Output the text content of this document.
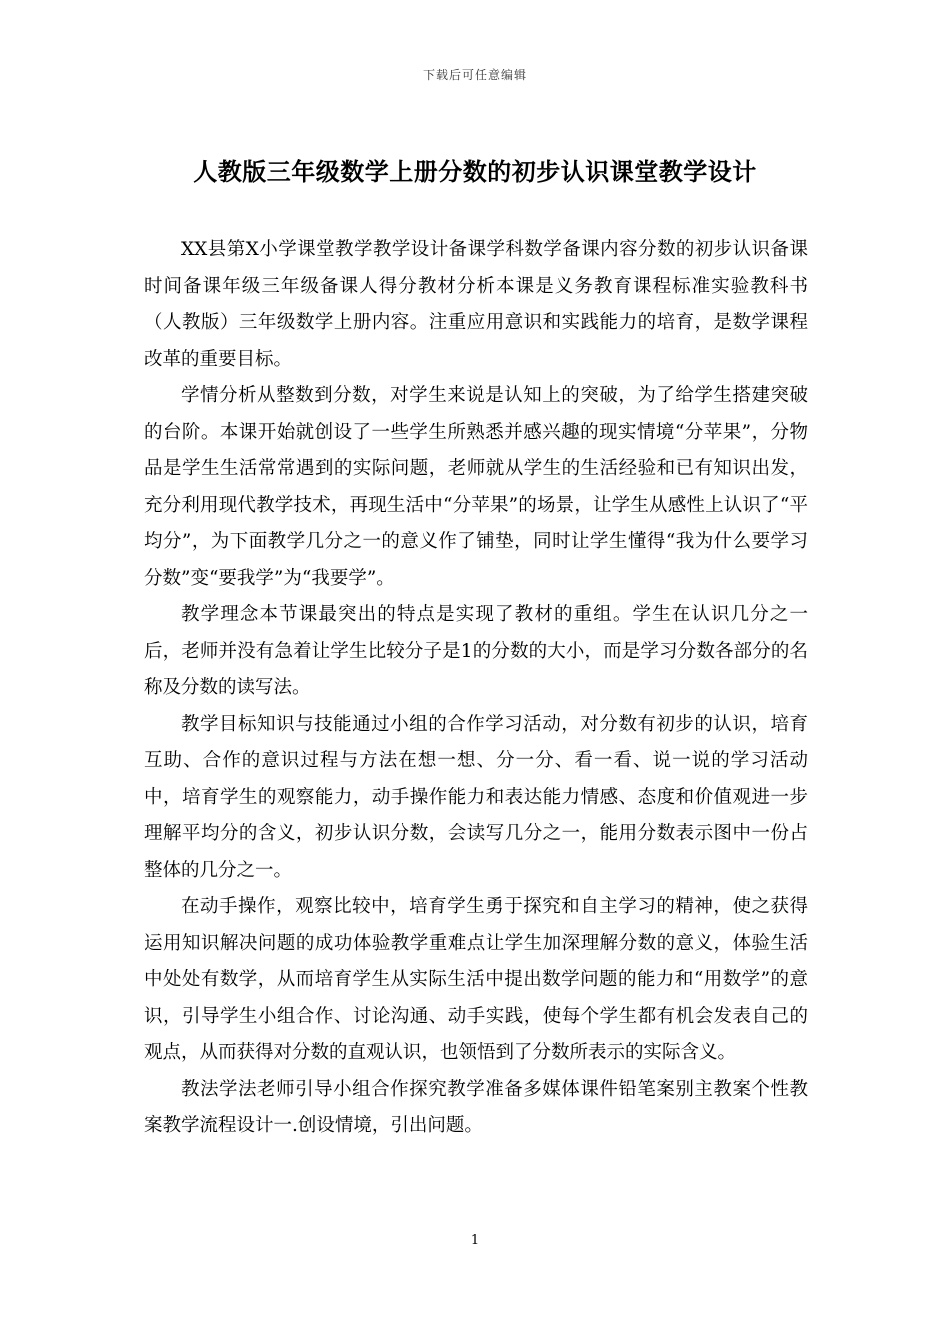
下载后可任意编辑
人教版三年级数学上册分数的初步认识课堂教学设计

XX县第X小学课堂教学教学设计备课学科数学备课内容分数的初步认识备课时间备课年级三年级备课人得分教材分析本课是义务教育课程标准实验教科书（人教版）三年级数学上册内容。注重应用意识和实践能力的培育，是数学课程改革的重要目标。

学情分析从整数到分数，对学生来说是认知上的突破，为了给学生搭建突破的台阶。本课开始就创设了一些学生所熟悉并感兴趣的现实情境“分苹果”，分物品是学生生活常常遇到的实际问题，老师就从学生的生活经验和已有知识出发，充分利用现代教学技术，再现生活中“分苹果”的场景，让学生从感性上认识了“平均分”，为下面教学几分之一的意义作了铺垫，同时让学生懂得“我为什么要学习分数”变“要我学”为“我要学”。

教学理念本节课最突出的特点是实现了教材的重组。学生在认识几分之一后，老师并没有急着让学生比较分子是1的分数的大小，而是学习分数各部分的名称及分数的读写法。

教学目标知识与技能通过小组的合作学习活动，对分数有初步的认识，培育互助、合作的意识过程与方法在想一想、分一分、看一看、说一说的学习活动中，培育学生的观察能力，动手操作能力和表达能力情感、态度和价值观进一步理解平均分的含义，初步认识分数，会读写几分之一，能用分数表示图中一份占整体的几分之一。

在动手操作，观察比较中，培育学生勇于探究和自主学习的精神，使之获得运用知识解决问题的成功体验教学重难点让学生加深理解分数的意义，体验生活中处处有数学，从而培育学生从实际生活中提出数学问题的能力和“用数学”的意识，引导学生小组合作、讨论沟通、动手实践，使每个学生都有机会发表自己的观点，从而获得对分数的直观认识，也领悟到了分数所表示的实际含义。

教法学法老师引导小组合作探究教学准备多媒体课件铅笔案别主教案个性教案教学流程设计一.创设情境，引出问题。

1
